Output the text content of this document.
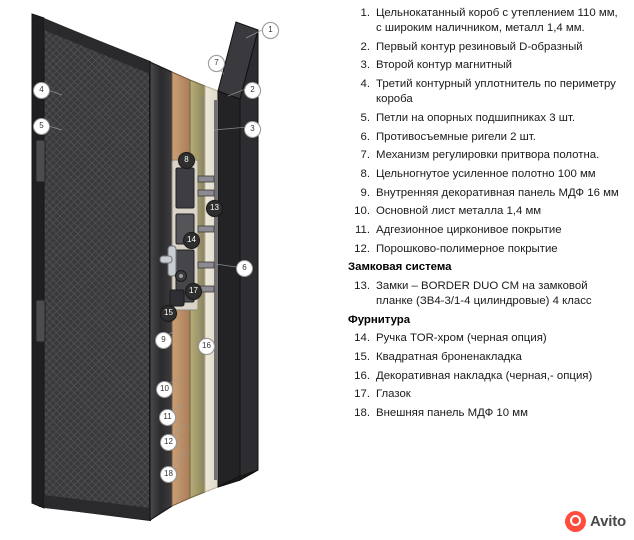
1
2
3
4
5
6
7
8
9
10
11
12
13
14
15
16
17
18
1. Цельнокатанный короб с утеплением 110 мм, с широким наличником, металл 1,4 мм.
2. Первый контур резиновый D-образный
3. Второй контур магнитный
4. Третий контурный уплотнитель по периметру короба
5. Петли на опорных подшипниках 3 шт.
6. Противосъемные ригели 2 шт.
7. Механизм регулировки притвора полотна.
8. Цельногнутое усиленное полотно 100 мм
9. Внутренняя декоративная панель МДФ 16 мм
10. Основной лист металла 1,4 мм
11. Адгезионное цирконивое покрытие
12. Порошково-полимерное покрытие
Замковая система
13. Замки – BORDER DUO CM на замковой планке (ЗВ4-3/1-4 цилиндровые) 4 класс
Фурнитура
14. Ручка TOR-хром (черная опция)
15. Квадратная броненакладка
16. Декоративная накладка (черная,- опция)
17. Глазок
18. Внешняя панель МДФ 10 мм
Avito
